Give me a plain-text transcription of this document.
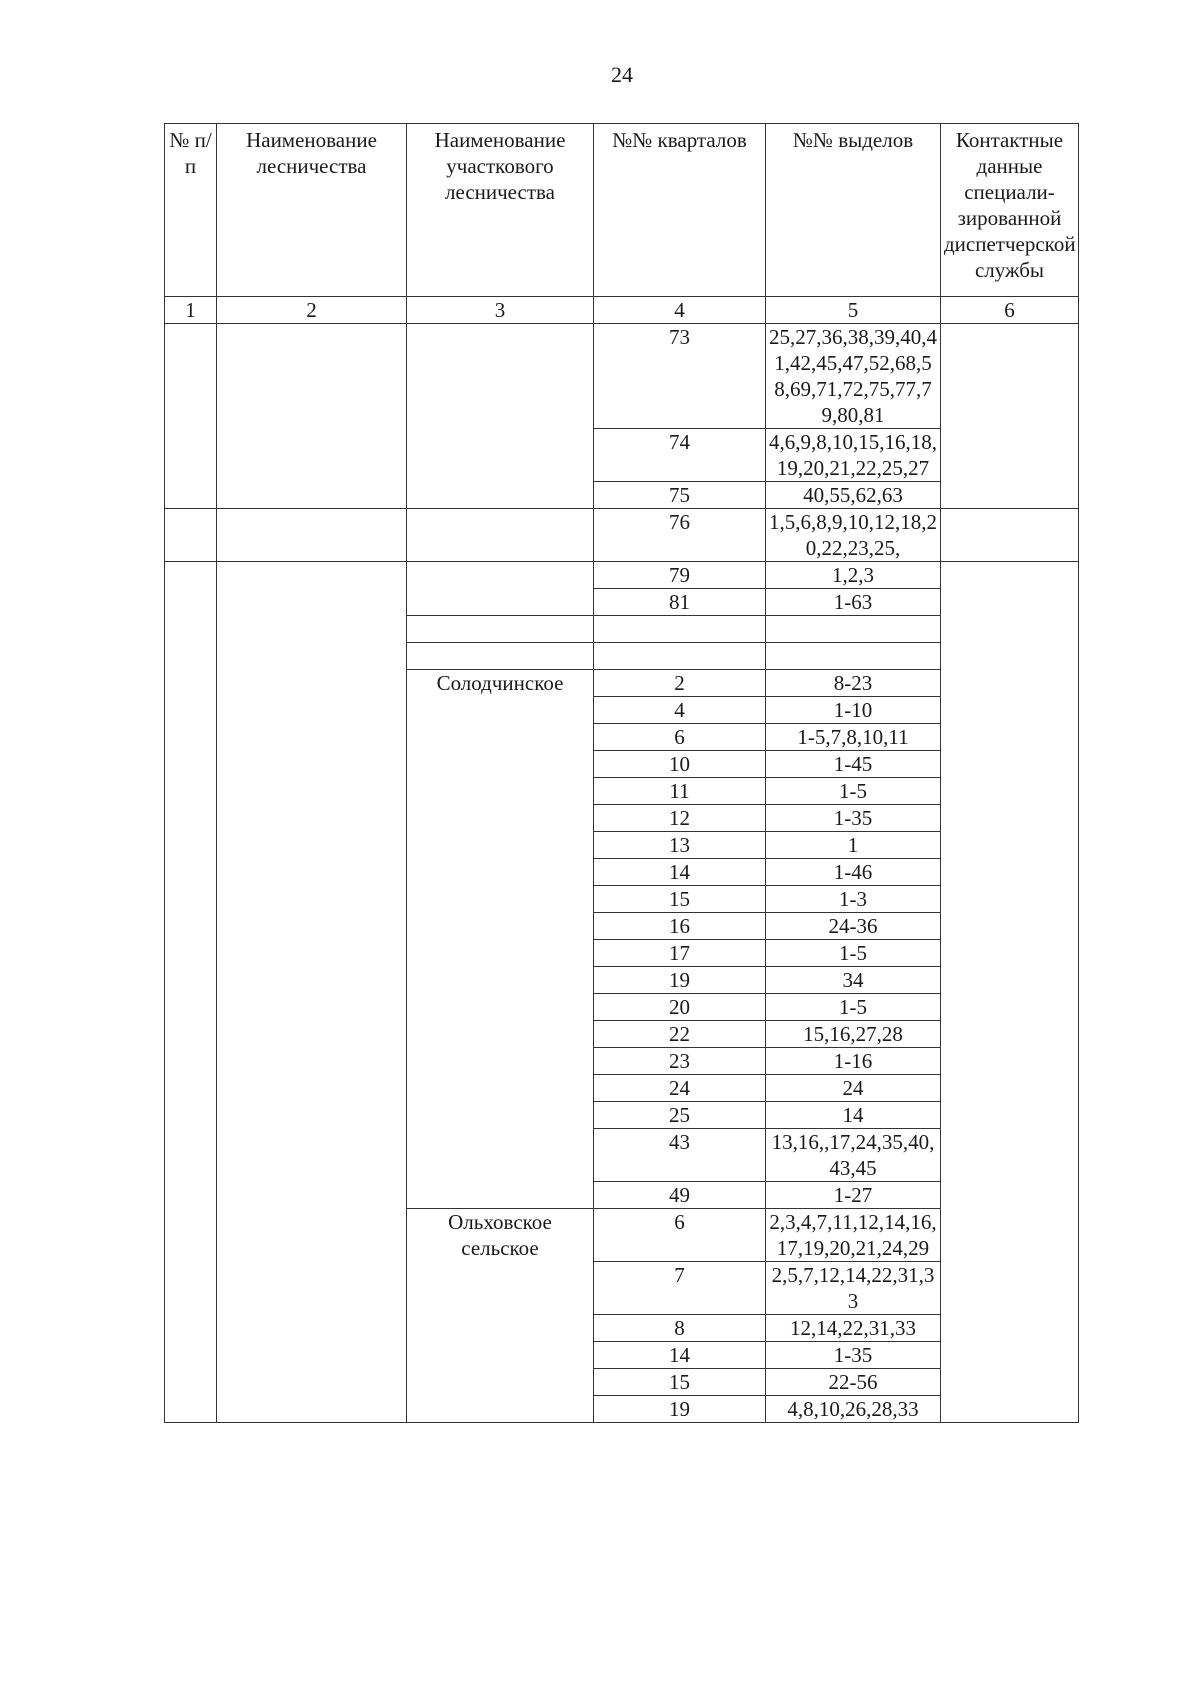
24
№ п/п	Наименование лесничества	Наименование участкового лесничества	№№ кварталов	№№ выделов	Контактные данные специали-зированной диспетчерской службы
1	2	3	4	5	6
			73	25,27,36,38,39,40,41,42,45,47,52,68,58,69,71,72,75,77,79,80,81	
			74	4,6,9,8,10,15,16,18,19,20,21,22,25,27	
			75	40,55,62,63	
			76	1,5,6,8,9,10,12,18,20,22,23,25,	
			79	1,2,3	
			81	1-63	

		Солодчинское	2	8-23	
			4	1-10	
			6	1-5,7,8,10,11	
			10	1-45	
			11	1-5	
			12	1-35	
			13	1	
			14	1-46	
			15	1-3	
			16	24-36	
			17	1-5	
			19	34	
			20	1-5	
			22	15,16,27,28	
			23	1-16	
			24	24	
			25	14	
			43	13,16,,17,24,35,40,43,45	
			49	1-27	
		Ольховское сельское	6	2,3,4,7,11,12,14,16,17,19,20,21,24,29	
			7	2,5,7,12,14,22,31,33	
			8	12,14,22,31,33	
			14	1-35	
			15	22-56	
			19	4,8,10,26,28,33	
